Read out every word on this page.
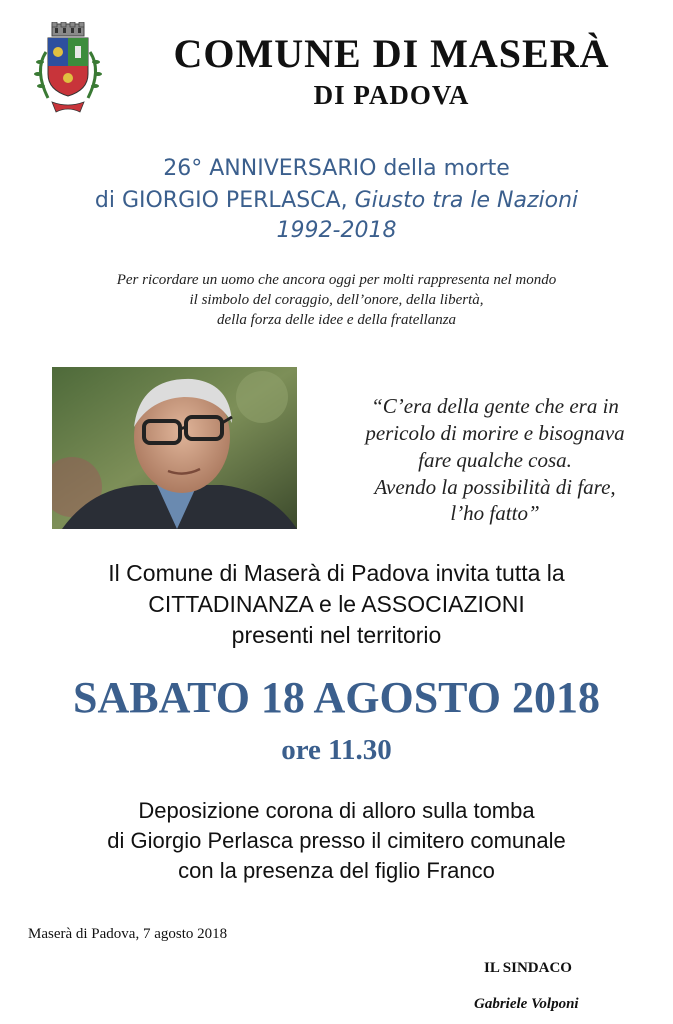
COMUNE DI MASERÀ
DI PADOVA
26° ANNIVERSARIO della morte
di GIORGIO PERLASCA, Giusto tra le Nazioni
1992-2018
Per ricordare un uomo che ancora oggi per molti rappresenta nel mondo
il simbolo del coraggio, dell’onore, della libertà,
della forza delle idee e della fratellanza
“C’era della gente che era in
pericolo di morire e bisognava
fare qualche cosa.
Avendo la possibilità di fare,
l’ho fatto”
Il Comune di Maserà di Padova invita tutta la
CITTADINANZA e le ASSOCIAZIONI
presenti nel territorio
SABATO 18 AGOSTO 2018
ore 11.30
Deposizione corona di alloro sulla tomba
di Giorgio Perlasca presso il cimitero comunale
con la presenza del figlio Franco
Maserà di Padova, 7 agosto 2018
IL SINDACO
Gabriele Volponi
